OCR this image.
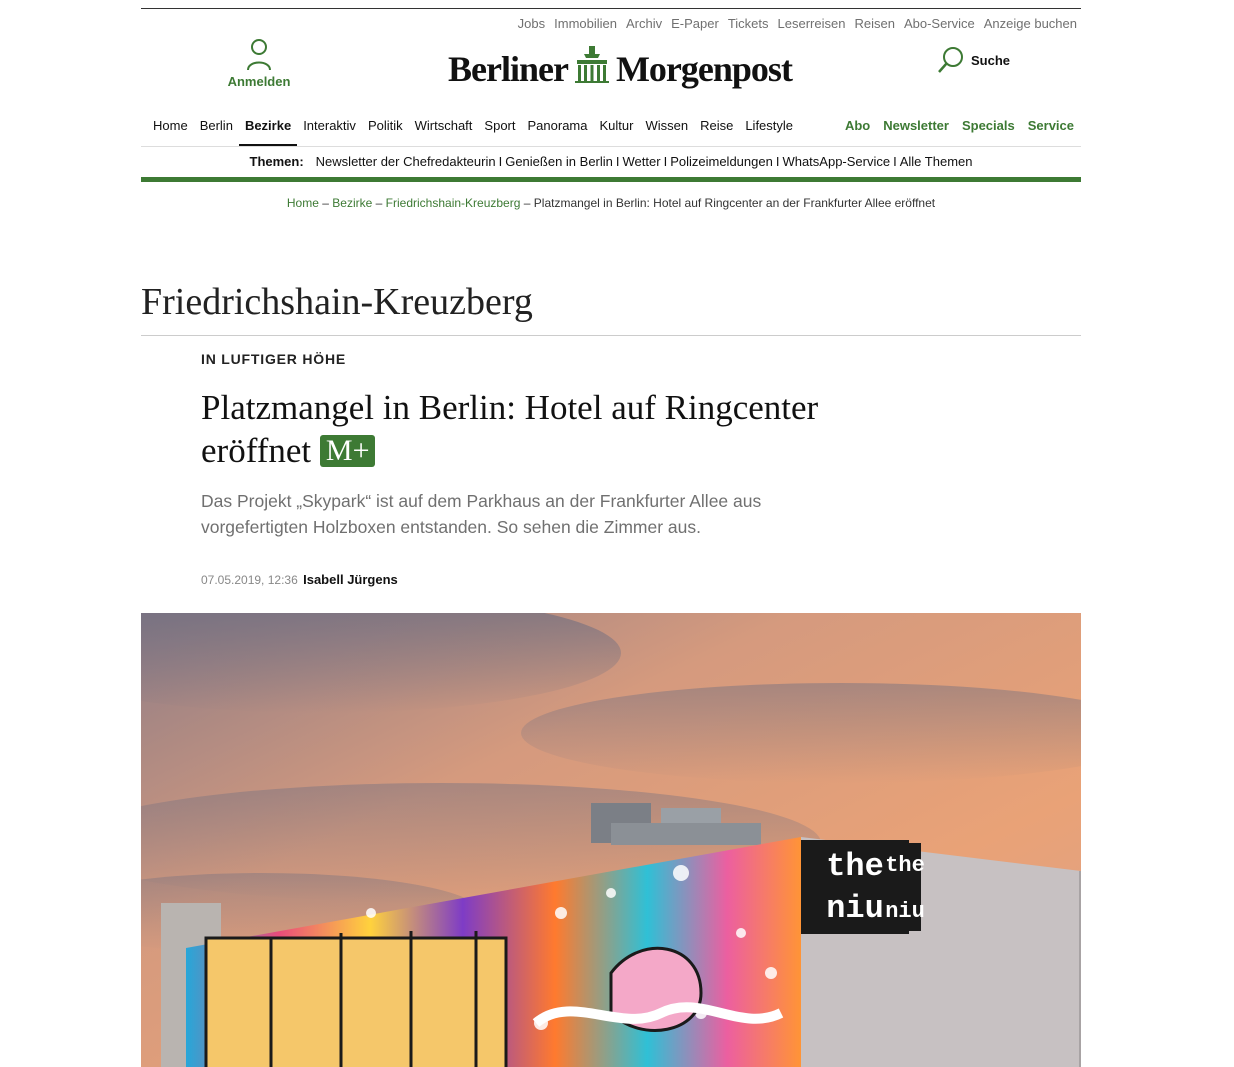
Jobs Immobilien Archiv E-Paper Tickets Leserreisen Reisen Abo-Service Anzeige buchen
Anmelden	Berliner Morgenpost	Suche
Home Berlin Bezirke Interaktiv Politik Wirtschaft Sport Panorama Kultur Wissen Reise Lifestyle	Abo Newsletter Specials Service
Themen: Newsletter der Chefredakteurin I Genießen in Berlin I Wetter I Polizeimeldungen I WhatsApp-Service I Alle Themen
Home – Bezirke – Friedrichshain-Kreuzberg – Platzmangel in Berlin: Hotel auf Ringcenter an der Frankfurter Allee eröffnet
Friedrichshain-Kreuzberg
IN LUFTIGER HÖHE
Platzmangel in Berlin: Hotel auf Ringcenter eröffnet M+
Das Projekt „Skypark“ ist auf dem Parkhaus an der Frankfurter Allee aus vorgefertigten Holzboxen entstanden. So sehen die Zimmer aus.
07.05.2019, 12:36 Isabell Jürgens
the
niu
the
niu
